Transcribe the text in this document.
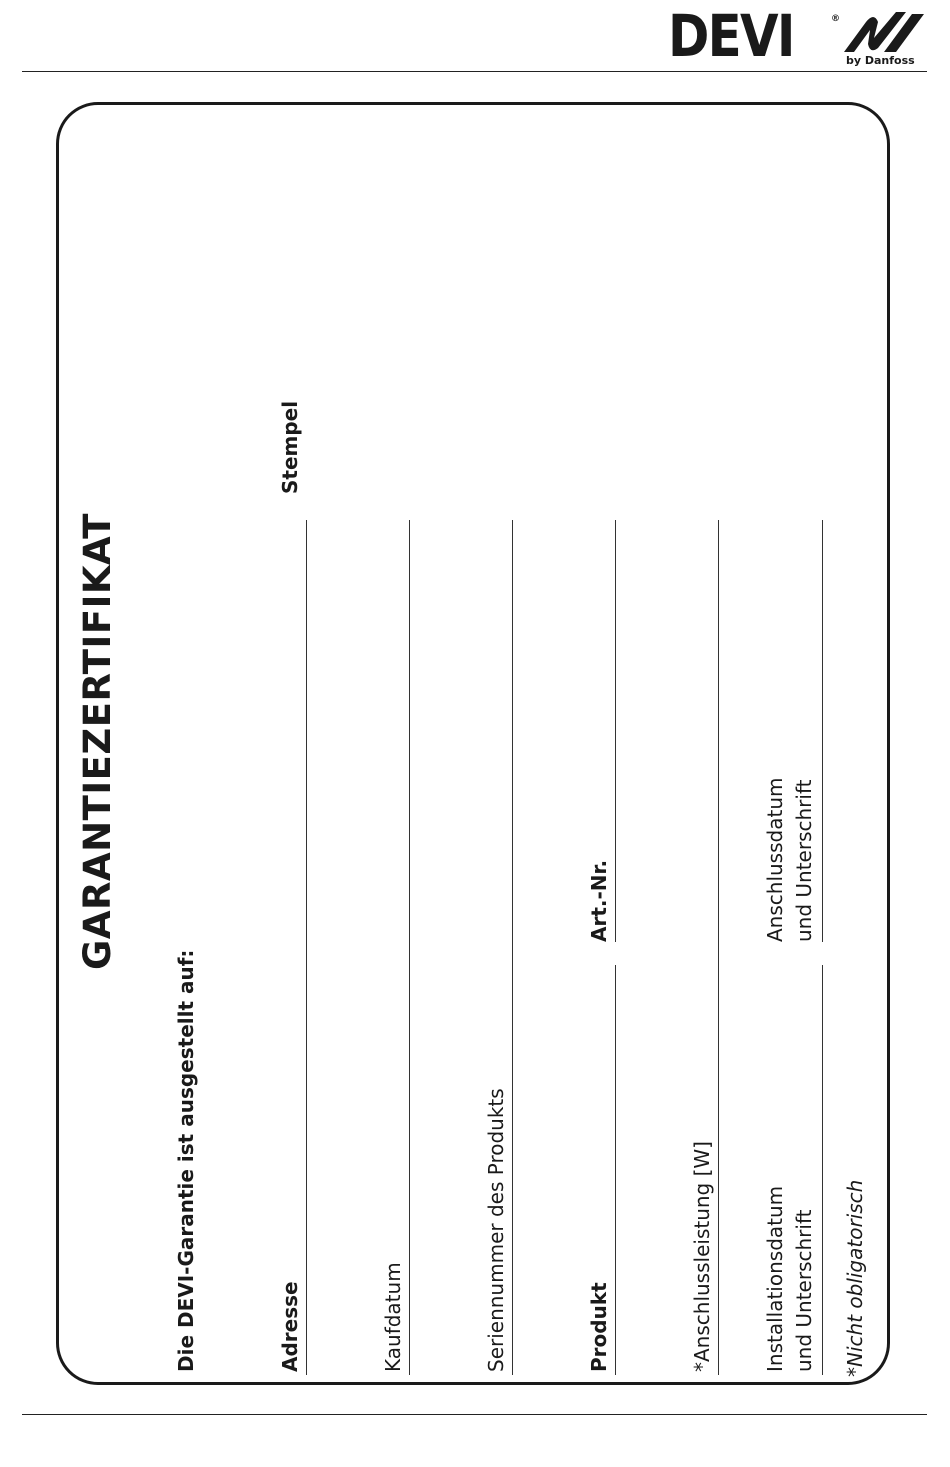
DEVI	®
by Danfoss
GARANTIEZERTIFIKAT
Die DEVI-Garantie ist ausgestellt auf:	Adresse	Kaufdatum	Seriennummer des Produkts	Produkt
Art.-Nr.
*Anschlussleistung [W] Installationsdatum und Unterschrift
Anschlussdatum und Unterschrift
Stempel
*Nicht obligatorisch
